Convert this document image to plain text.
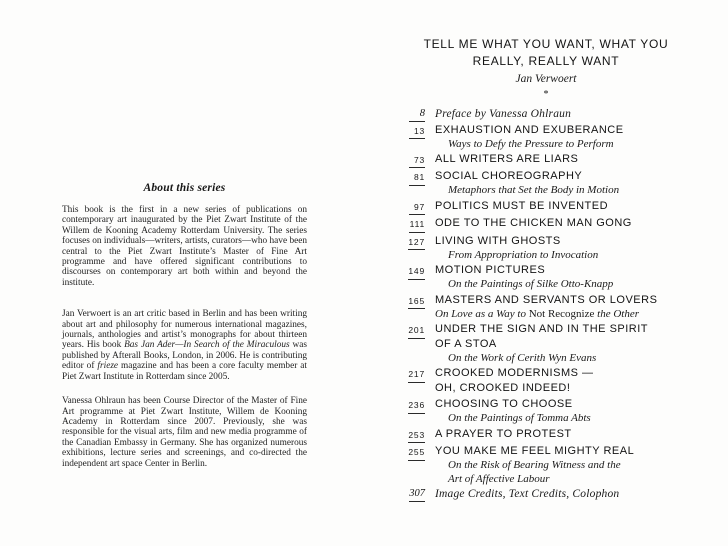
About this series

This book is the first in a new series of publications on contemporary art inaugurated by the Piet Zwart Institute of the Willem de Kooning Academy Rotterdam University. The series focuses on individuals—writers, artists, curators—who have been central to the Piet Zwart Institute’s Master of Fine Art programme and have offered significant contributions to discourses on contemporary art both within and beyond the institute.

Jan Verwoert is an art critic based in Berlin and has been writing about art and philosophy for numerous international magazines, journals, anthologies and artist’s monographs for about thirteen years. His book Bas Jan Ader—In Search of the Miraculous was published by Afterall Books, London, in 2006. He is contributing editor of frieze magazine and has been a core faculty member at Piet Zwart Institute in Rotterdam since 2005.

Vanessa Ohlraun has been Course Director of the Master of Fine Art programme at Piet Zwart Institute, Willem de Kooning Academy in Rotterdam since 2007. Previously, she was responsible for the visual arts, film and new media programme of the Canadian Embassy in Germany. She has organized numerous exhibitions, lecture series and screenings, and co-directed the independent art space Center in Berlin.

TELL ME WHAT YOU WANT, WHAT YOU
REALLY, REALLY WANT
Jan Verwoert
*
8 Preface by Vanessa Ohlraun
13 EXHAUSTION AND EXUBERANCE
Ways to Defy the Pressure to Perform
73 ALL WRITERS ARE LIARS
81 SOCIAL CHOREOGRAPHY
Metaphors that Set the Body in Motion
97 POLITICS MUST BE INVENTED
111 ODE TO THE CHICKEN MAN GONG
127 LIVING WITH GHOSTS
From Appropriation to Invocation
149 MOTION PICTURES
On the Paintings of Silke Otto-Knapp
165 MASTERS AND SERVANTS OR LOVERS
On Love as a Way to Not Recognize the Other
201 UNDER THE SIGN AND IN THE SPIRIT
OF A STOA
On the Work of Cerith Wyn Evans
217 CROOKED MODERNISMS —
OH, CROOKED INDEED!
236 CHOOSING TO CHOOSE
On the Paintings of Tomma Abts
253 A PRAYER TO PROTEST
255 YOU MAKE ME FEEL MIGHTY REAL
On the Risk of Bearing Witness and the
Art of Affective Labour
307 Image Credits, Text Credits, Colophon
